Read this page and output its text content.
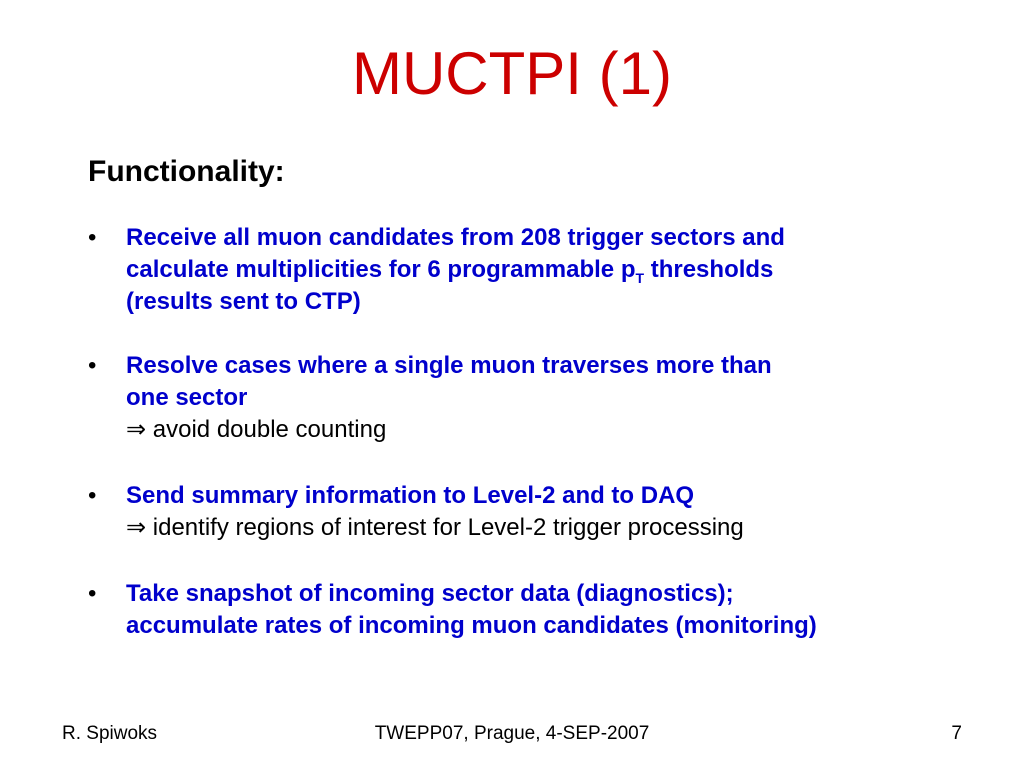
MUCTPI (1)
Functionality:
• Receive all muon candidates from 208 trigger sectors and
calculate multiplicities for 6 programmable $p_T$ thresholds
(results sent to CTP)
• Resolve cases where a single muon traverses more than
one sector
⇒ avoid double counting
• Send summary information to Level-2 and to DAQ
⇒ identify regions of interest for Level-2 trigger processing
• Take snapshot of incoming sector data (diagnostics);
accumulate rates of incoming muon candidates (monitoring)
TWEPP07, Prague, 4-SEP-2007
R. Spiwoks	7
